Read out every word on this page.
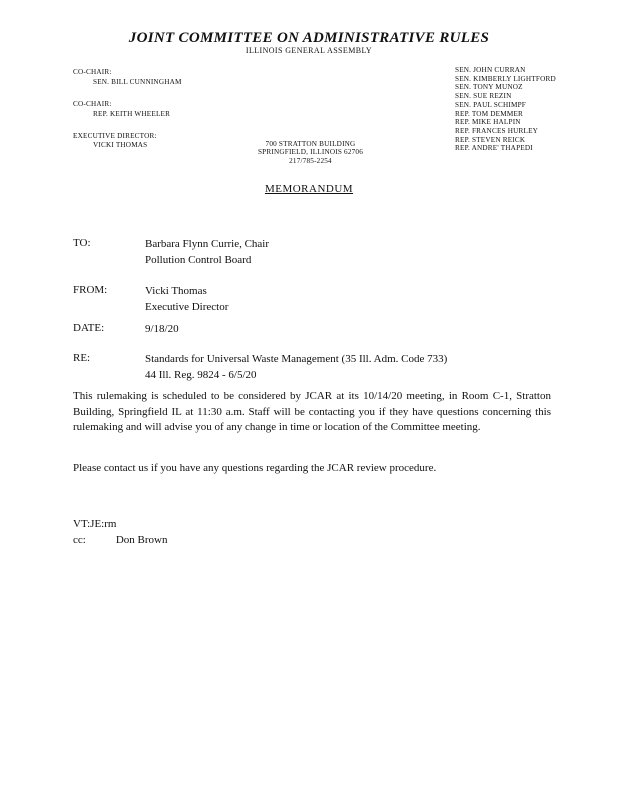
JOINT COMMITTEE ON ADMINISTRATIVE RULES
ILLINOIS GENERAL ASSEMBLY
CO-CHAIR:
SEN. BILL CUNNINGHAM
CO-CHAIR:
REP. KEITH WHEELER
EXECUTIVE DIRECTOR:
VICKI THOMAS	700 STRATTON BUILDING
SPRINGFIELD, ILLINOIS 62706
217/785-2254
SEN. JOHN CURRAN
SEN. KIMBERLY LIGHTFORD
SEN. TONY MUNOZ
SEN. SUE REZIN
SEN. PAUL SCHIMPF
REP. TOM DEMMER
REP. MIKE HALPIN
REP. FRANCES HURLEY
REP. STEVEN REICK
REP. ANDRE' THAPEDI
MEMORANDUM
TO:	Barbara Flynn Currie, Chair
Pollution Control Board
FROM:	Vicki Thomas
Executive Director
DATE:	9/18/20
RE:	Standards for Universal Waste Management (35 Ill. Adm. Code 733)
44 Ill. Reg. 9824 - 6/5/20
This rulemaking is scheduled to be considered by JCAR at its 10/14/20 meeting, in Room C-1, Stratton Building, Springfield IL at 11:30 a.m. Staff will be contacting you if they have questions concerning this rulemaking and will advise you of any change in time or location of the Committee meeting.
Please contact us if you have any questions regarding the JCAR review procedure.
VT:JE:rm
cc:	Don Brown
